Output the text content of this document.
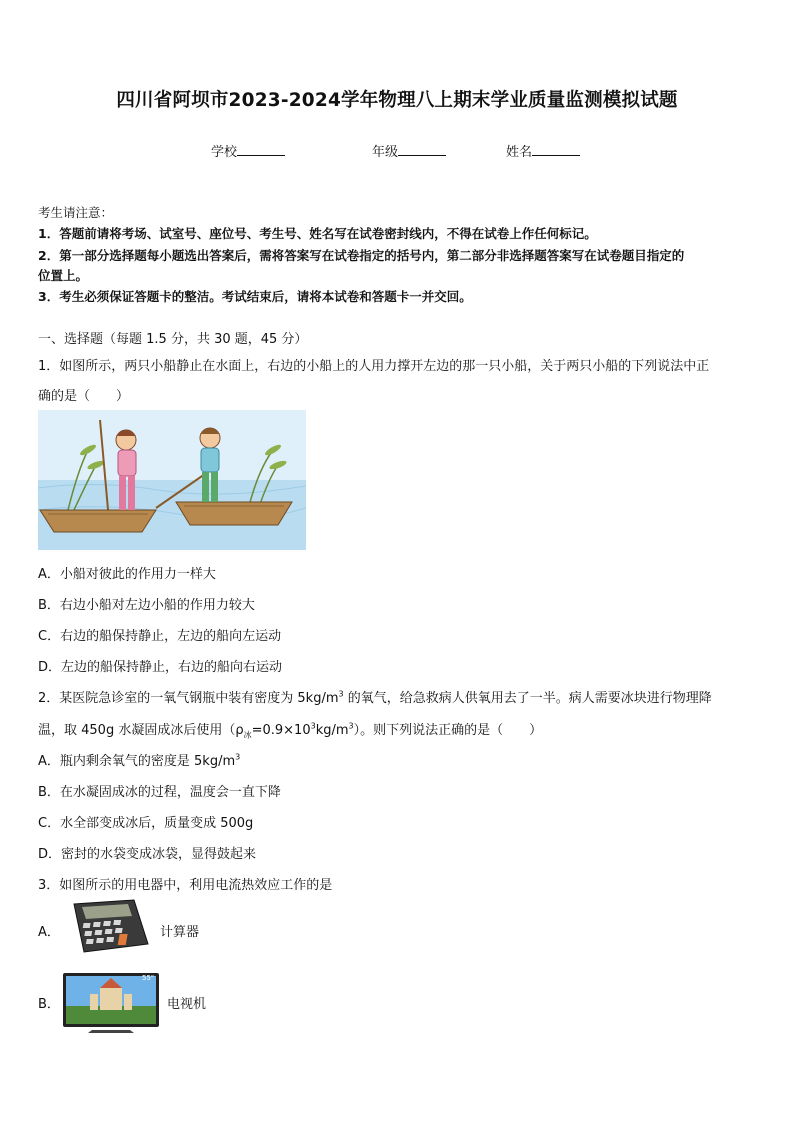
四川省阿坝市2023-2024学年物理八上期末学业质量监测模拟试题
学校	年级	姓名
考生请注意：
1．答题前请将考场、试室号、座位号、考生号、姓名写在试卷密封线内，不得在试卷上作任何标记。
2．第一部分选择题每小题选出答案后，需将答案写在试卷指定的括号内，第二部分非选择题答案写在试卷题目指定的
位置上。
3．考生必须保证答题卡的整洁。考试结束后，请将本试卷和答题卡一并交回。
一、选择题（每题 1.5 分，共 30 题，45 分）
1．如图所示，两只小船静止在水面上，右边的小船上的人用力撑开左边的那一只小船，关于两只小船的下列说法中正
确的是（　　）
A．小船对彼此的作用力一样大
B．右边小船对左边小船的作用力较大
C．右边的船保持静止，左边的船向左运动
D．左边的船保持静止，右边的船向右运动
2．某医院急诊室的一氧气钢瓶中装有密度为 $5kg/m^3$ 的氧气，给急救病人供氧用去了一半。病人需要冰块进行物理降
温，取 450g 水凝固成冰后使用$(\rho_冰=0.9\times 10^3kg/m^3)$。则下列说法正确的是（　　）
A．瓶内剩余氧气的密度是 $5kg/m^3$
B．在水凝固成冰的过程，温度会一直下降
C．水全部变成冰后，质量变成 500g
D．密封的水袋变成冰袋，显得鼓起来
3．如图所示的用电器中，利用电流热效应工作的是
A．	计算器
B．
55"
电视机
